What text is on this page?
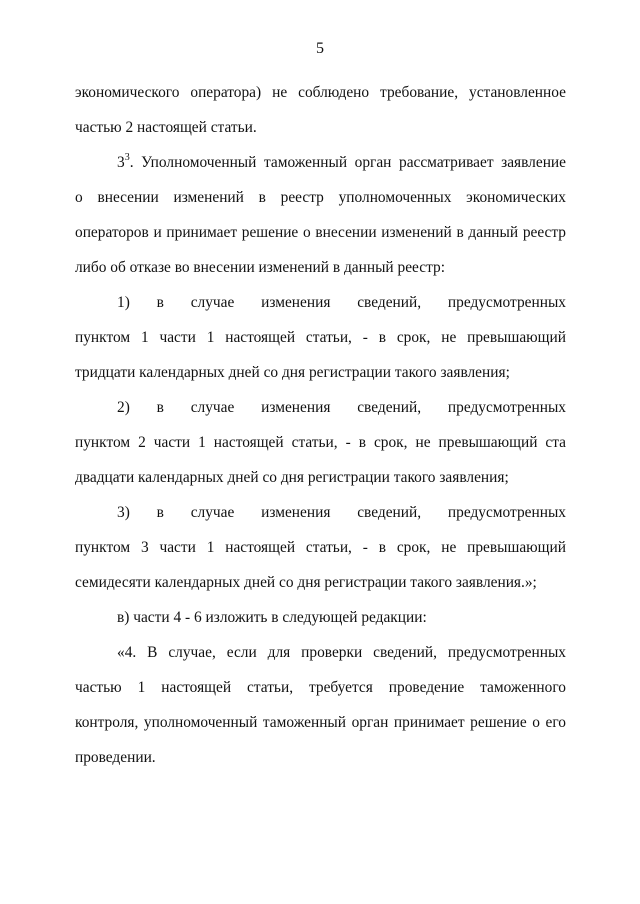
5
экономического оператора) не соблюдено требование, установленное
частью 2 настоящей статьи.
$3^3$. Уполномоченный таможенный орган рассматривает заявление
о внесении изменений в реестр уполномоченных экономических
операторов и принимает решение о внесении изменений в данный реестр
либо об отказе во внесении изменений в данный реестр:
1) в случае изменения сведений, предусмотренных
пунктом 1 части 1 настоящей статьи, - в срок, не превышающий
тридцати календарных дней со дня регистрации такого заявления;
2) в случае изменения сведений, предусмотренных
пунктом 2 части 1 настоящей статьи, - в срок, не превышающий ста
двадцати календарных дней со дня регистрации такого заявления;
3) в случае изменения сведений, предусмотренных
пунктом 3 части 1 настоящей статьи, - в срок, не превышающий
семидесяти календарных дней со дня регистрации такого заявления.»;
в) части 4 - 6 изложить в следующей редакции:
«4. В случае, если для проверки сведений, предусмотренных
частью 1 настоящей статьи, требуется проведение таможенного
контроля, уполномоченный таможенный орган принимает решение о его
проведении.
